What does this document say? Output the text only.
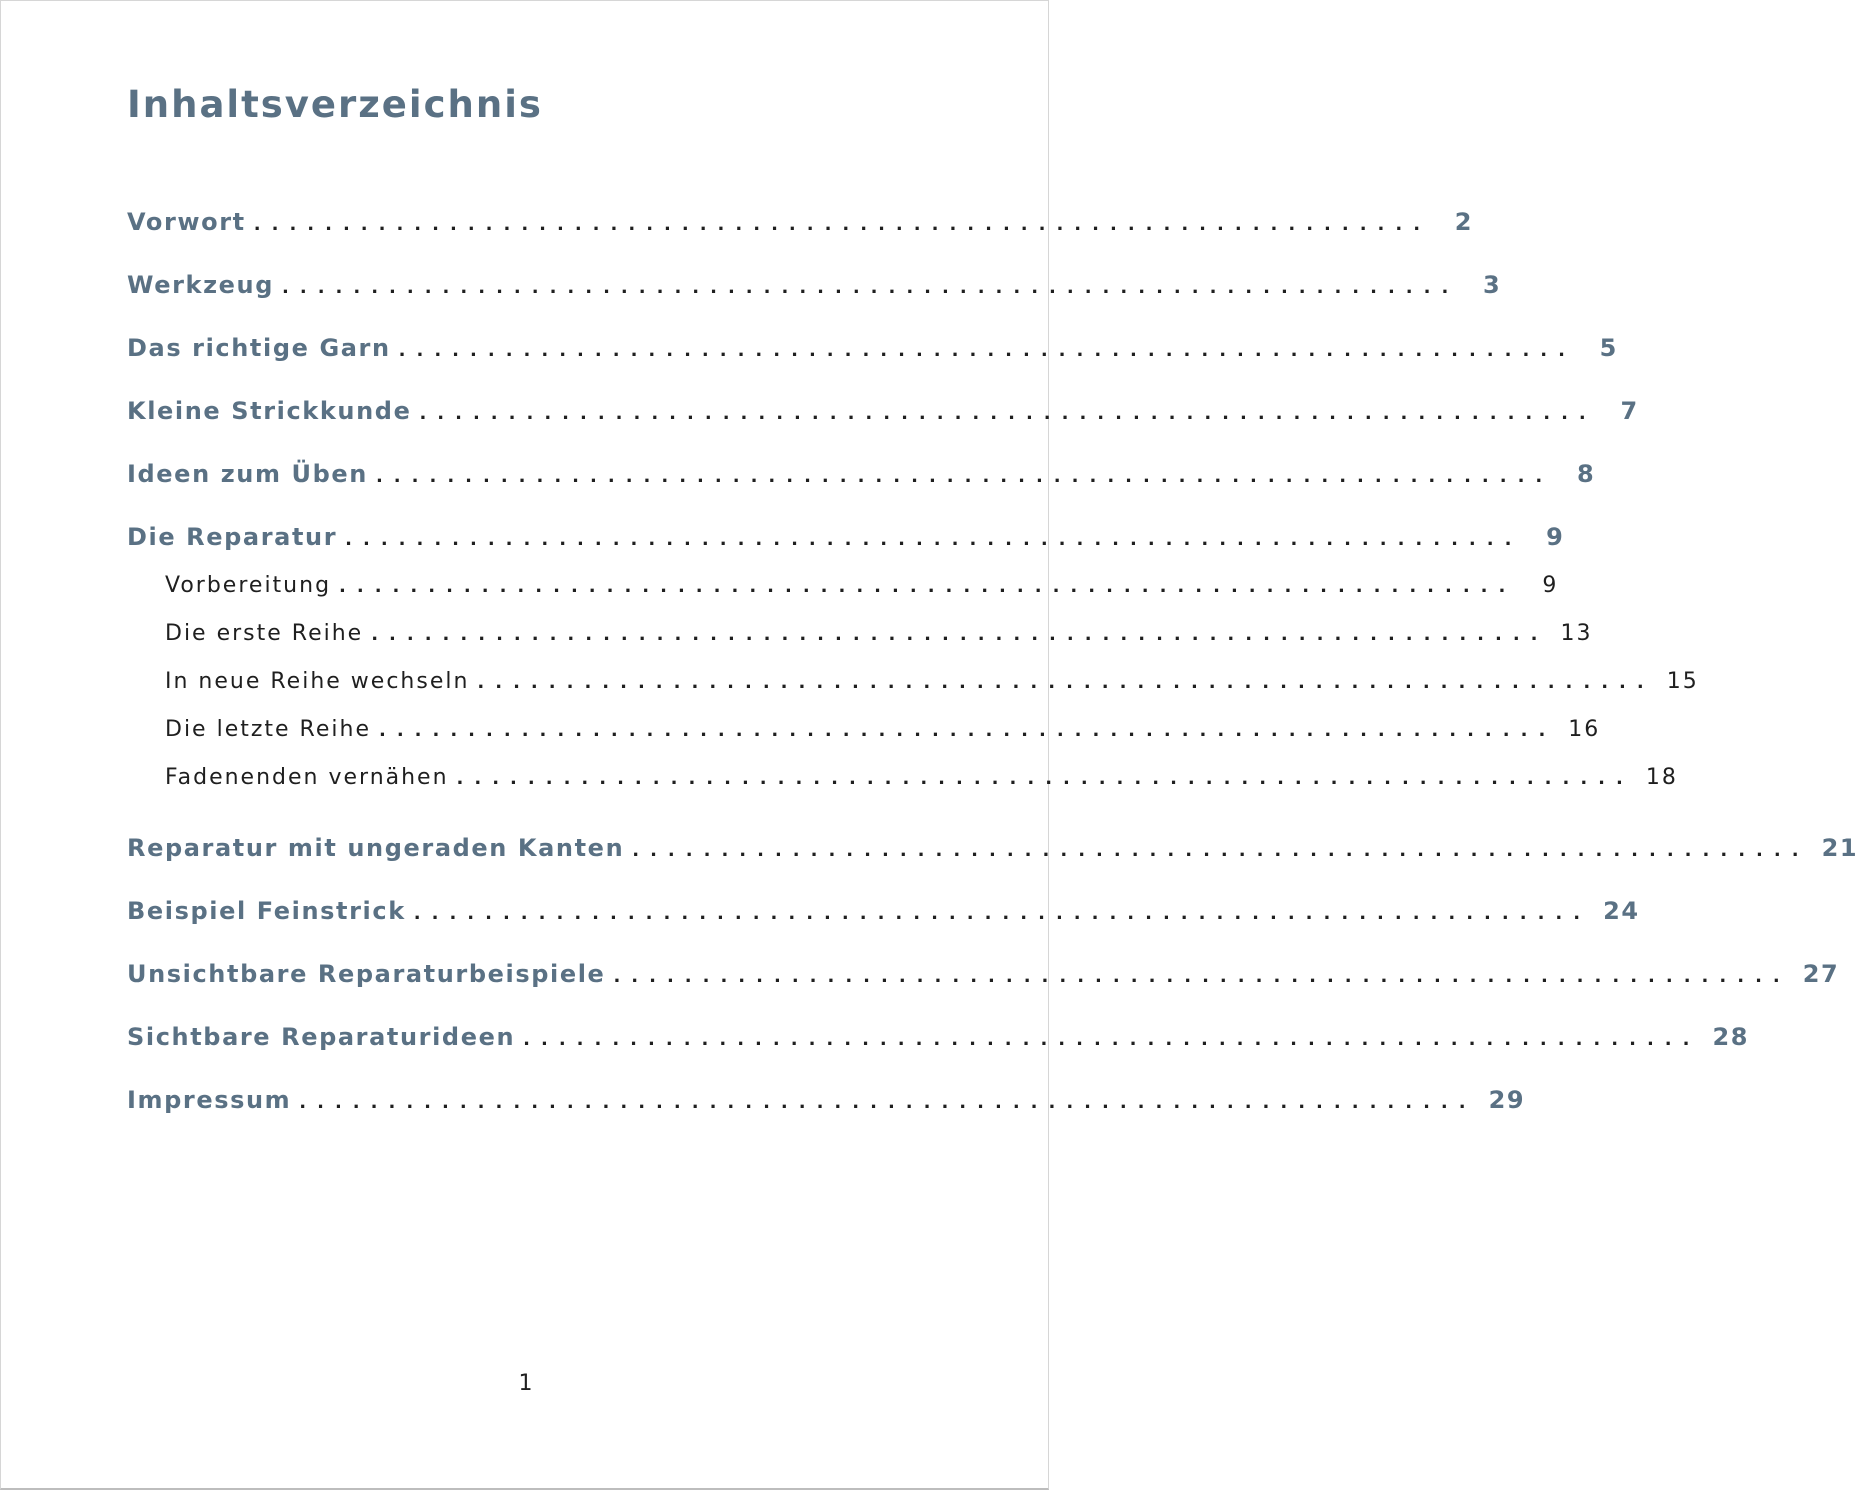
Inhaltsverzeichnis
Vorwort .................................................................. 2
Werkzeug .................................................................. 3
Das richtige Garn .................................................................. 5
Kleine Strickkunde .................................................................. 7
Ideen zum Üben .................................................................. 8
Die Reparatur .................................................................. 9
Vorbereitung ..................................................................	9
Die erste Reihe .................................................................. 13
In neue Reihe wechseln .................................................................. 15
Die letzte Reihe .................................................................. 16
Fadenenden vernähen .................................................................. 18
Reparatur mit ungeraden Kanten .................................................................. 21
Beispiel Feinstrick .................................................................. 24
Unsichtbare Reparaturbeispiele .................................................................. 27
Sichtbare Reparaturideen .................................................................. 28
Impressum .................................................................. 29
1
